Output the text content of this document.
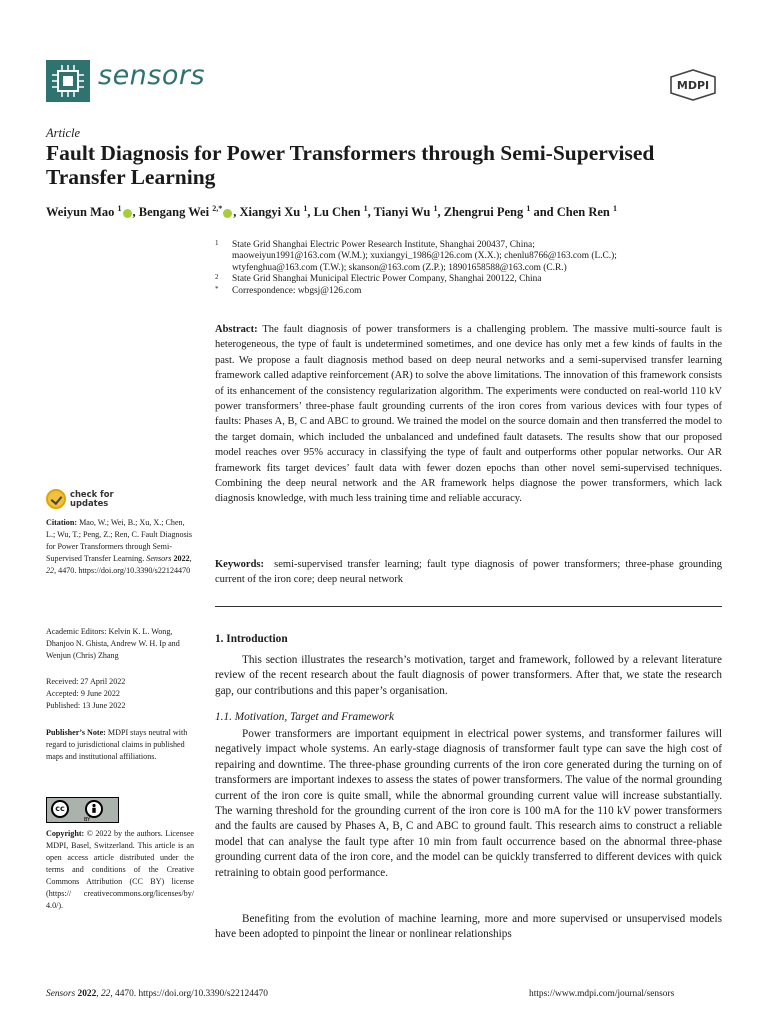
sensors	MDPI
Article
Fault Diagnosis for Power Transformers through Semi-Supervised Transfer Learning
Weiyun Mao $^1$ , Bengang Wei $^{2,*}$ , Xiangyi Xu $^1$, Lu Chen $^1$, Tianyi Wu $^1$, Zhengrui Peng $^1$ and Chen Ren $^1$
1 State Grid Shanghai Electric Power Research Institute, Shanghai 200437, China;
maoweiyun1991@163.com (W.M.); xuxiangyi_1986@126.com (X.X.); chenlu8766@163.com (L.C.);
wtyfenghua@163.com (T.W.); skanson@163.com (Z.P.); 18901658588@163.com (C.R.)
2 State Grid Shanghai Municipal Electric Power Company, Shanghai 200122, China
* Correspondence: wbgsj@126.com
Abstract: The fault diagnosis of power transformers is a challenging problem. The massive multi-source fault is heterogeneous, the type of fault is undetermined sometimes, and one device has only met a few kinds of faults in the past. We propose a fault diagnosis method based on deep neural networks and a semi-supervised transfer learning framework called adaptive reinforcement (AR) to solve the above limitations. The innovation of this framework consists of its enhancement of the consistency regularization algorithm. The experiments were conducted on real-world 110 kV power transformers’ three-phase fault grounding currents of the iron cores from various devices with four types of faults: Phases A, B, C and ABC to ground. We trained the model on the source domain and then transferred the model to the target domain, which included the unbalanced and undefined fault datasets. The results show that our proposed model reaches over 95% accuracy in classifying the type of fault and outperforms other popular networks. Our AR framework fits target devices’ fault data with fewer dozen epochs than other novel semi-supervised techniques. Combining the deep neural network and the AR framework helps diagnose the power transformers, which lack diagnosis knowledge, with much less training time and reliable accuracy.
Keywords: semi-supervised transfer learning; fault type diagnosis of power transformers; three-phase grounding current of the iron core; deep neural network
1. Introduction
This section illustrates the research’s motivation, target and framework, followed by a relevant literature review of the recent research about the fault diagnosis of power transformers. After that, we state the research gap, our contributions and this paper’s organisation.
1.1. Motivation, Target and Framework
Power transformers are important equipment in electrical power systems, and transformer failures will negatively impact whole systems. An early-stage diagnosis of transformer fault type can save the high cost of repairing and downtime. The three-phase grounding currents of the iron core generated during the turning on of transformers are important indexes to assess the states of power transformers. The value of the normal grounding current of the iron core is quite small, while the abnormal grounding current value will increase substantially. The warning threshold for the grounding current of the iron core is 100 mA for the 110 kV power transformers and the faults are caused by Phases A, B, C and ABC to ground fault. This research aims to construct a reliable model that can analyse the fault type after 10 min from fault occurrence based on the abnormal three-phase grounding current data of the iron core, and the model can be quickly transferred to different devices with quick retraining to obtain good performance.
Benefiting from the evolution of machine learning, more and more supervised or unsupervised models have been adopted to pinpoint the linear or nonlinear relationships
check for
updates
Citation: Mao, W.; Wei, B.; Xu, X.; Chen, L.; Wu, T.; Peng, Z.; Ren, C. Fault Diagnosis for Power Transformers through Semi-Supervised Transfer Learning. Sensors 2022, 22, 4470. https://doi.org/10.3390/s22124470
Academic Editors: Kelvin K. L. Wong, Dhanjoo N. Ghista, Andrew W. H. Ip and Wenjun (Chris) Zhang
Received: 27 April 2022
Accepted: 9 June 2022
Published: 13 June 2022
Publisher’s Note: MDPI stays neutral with regard to jurisdictional claims in published maps and institutional affiliations.
cc
BY
Copyright: © 2022 by the authors. Licensee MDPI, Basel, Switzerland. This article is an open access article distributed under the terms and conditions of the Creative Commons Attribution (CC BY) license (https:// creativecommons.org/licenses/by/ 4.0/).
Sensors 2022, 22, 4470. https://doi.org/10.3390/s22124470	https://www.mdpi.com/journal/sensors
